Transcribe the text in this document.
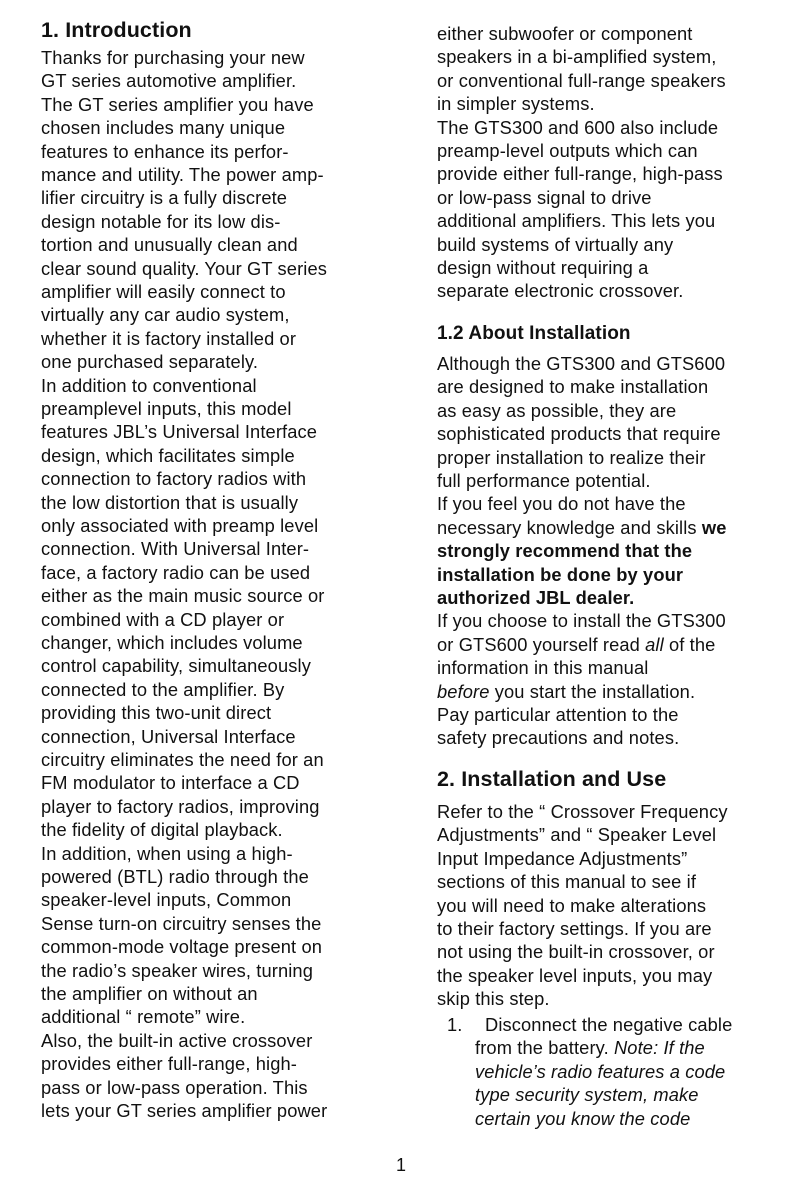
1. Introduction
Thanks for purchasing your new
GT series automotive amplifier.
The GT series amplifier you have
chosen includes many unique
features to enhance its perfor-
mance and utility. The power amp-
lifier circuitry is a fully discrete
design notable for its low dis-
tortion and unusually clean and
clear sound quality. Your GT series
amplifier will easily connect to
virtually any car audio system,
whether it is factory installed or
one purchased separately.
In addition to conventional
preamplevel inputs, this model
features JBL’s Universal Interface
design, which facilitates simple
connection to factory radios with
the low distortion that is usually
only associated with preamp level
connection. With Universal Inter-
face, a factory radio can be used
either as the main music source or
combined with a CD player or
changer, which includes volume
control capability, simultaneously
connected to the amplifier. By
providing this two-unit direct
connection, Universal Interface
circuitry eliminates the need for an
FM modulator to interface a CD
player to factory radios, improving
the fidelity of digital playback.
In addition, when using a high-
powered (BTL) radio through the
speaker-level inputs, Common
Sense turn-on circuitry senses the
common-mode voltage present on
the radio’s speaker wires, turning
the amplifier on without an
additional “ remote” wire.
Also, the built-in active crossover
provides either full-range, high-
pass or low-pass operation. This
lets your GT series amplifier power
either subwoofer or component
speakers in a bi-amplified system,
or conventional full-range speakers
in simpler systems.
The GTS300 and 600 also include
preamp-level outputs which can
provide either full-range, high-pass
or low-pass signal to drive
additional amplifiers. This lets you
build systems of virtually any
design without requiring a
separate electronic crossover.
1.2 About Installation
Although the GTS300 and GTS600
are designed to make installation
as easy as possible, they are
sophisticated products that require
proper installation to realize their
full performance potential.
If you feel you do not have the
necessary knowledge and skills we
strongly recommend that the
installation be done by your
authorized JBL dealer.
If you choose to install the GTS300
or GTS600 yourself read all of the
information in this manual
before you start the installation.
Pay particular attention to the
safety precautions and notes.
2. Installation and Use
Refer to the “ Crossover Frequency
Adjustments” and “ Speaker Level
Input Impedance Adjustments”
sections of this manual to see if
you will need to make alterations
to their factory settings. If you are
not using the built-in crossover, or
the speaker level inputs, you may
skip this step.
1. Disconnect the negative cable
from the battery. Note: If the
vehicle’s radio features a code
type security system, make
certain you know the code
1
